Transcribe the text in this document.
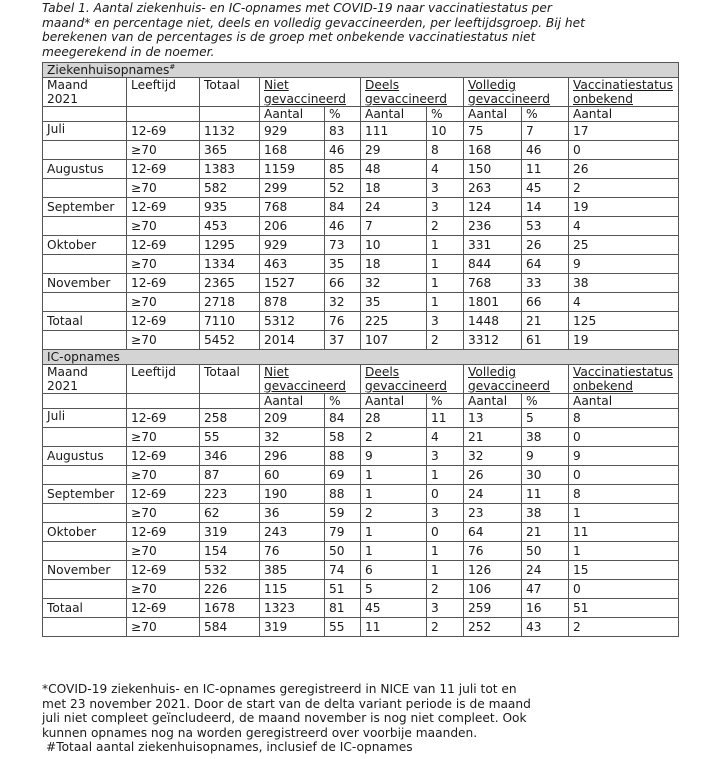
Tabel 1. Aantal ziekenhuis- en IC-opnames met COVID-19 naar vaccinatiestatus per maand* en percentage niet, deels en volledig gevaccineerden, per leeftijdsgroep. Bij het berekenen van de percentages is de groep met onbekende vaccinatiestatus niet meegerekend in de noemer.
Ziekenhuisopnames#
Maand 2021	Leeftijd	Totaal	Niet gevaccineerd		Deels gevaccineerd		Volledig gevaccineerd		Vaccinatiestatus onbekend
			Aantal	%	Aantal	%	Aantal	%	Aantal
Juli	12-69	1132	929	83	111	10	75	7	17
	≥70	365	168	46	29	8	168	46	0
Augustus	12-69	1383	1159	85	48	4	150	11	26
	≥70	582	299	52	18	3	263	45	2
September	12-69	935	768	84	24	3	124	14	19
	≥70	453	206	46	7	2	236	53	4
Oktober	12-69	1295	929	73	10	1	331	26	25
	≥70	1334	463	35	18	1	844	64	9
November	12-69	2365	1527	66	32	1	768	33	38
	≥70	2718	878	32	35	1	1801	66	4
Totaal	12-69	7110	5312	76	225	3	1448	21	125
	≥70	5452	2014	37	107	2	3312	61	19
IC-opnames									
Maand 2021	Leeftijd	Totaal	Niet gevaccineerd		Deels gevaccineerd		Volledig gevaccineerd		Vaccinatiestatus onbekend
			Aantal	%	Aantal	%	Aantal	%	Aantal
Juli	12-69	258	209	84	28	11	13	5	8
	≥70	55	32	58	2	4	21	38	0
Augustus	12-69	346	296	88	9	3	32	9	9
	≥70	87	60	69	1	1	26	30	0
September	12-69	223	190	88	1	0	24	11	8
	≥70	62	36	59	2	3	23	38	1
Oktober	12-69	319	243	79	1	0	64	21	11
	≥70	154	76	50	1	1	76	50	1
November	12-69	532	385	74	6	1	126	24	15
	≥70	226	115	51	5	2	106	47	0
Totaal	12-69	1678	1323	81	45	3	259	16	51
	≥70	584	319	55	11	2	252	43	2

*COVID-19 ziekenhuis- en IC-opnames geregistreerd in NICE van 11 juli tot en met 23 november 2021. Door de start van de delta variant periode is de maand juli niet compleet geïncludeerd, de maand november is nog niet compleet. Ook kunnen opnames nog na worden geregistreerd over voorbije maanden.

#Totaal aantal ziekenhuisopnames, inclusief de IC-opnames
